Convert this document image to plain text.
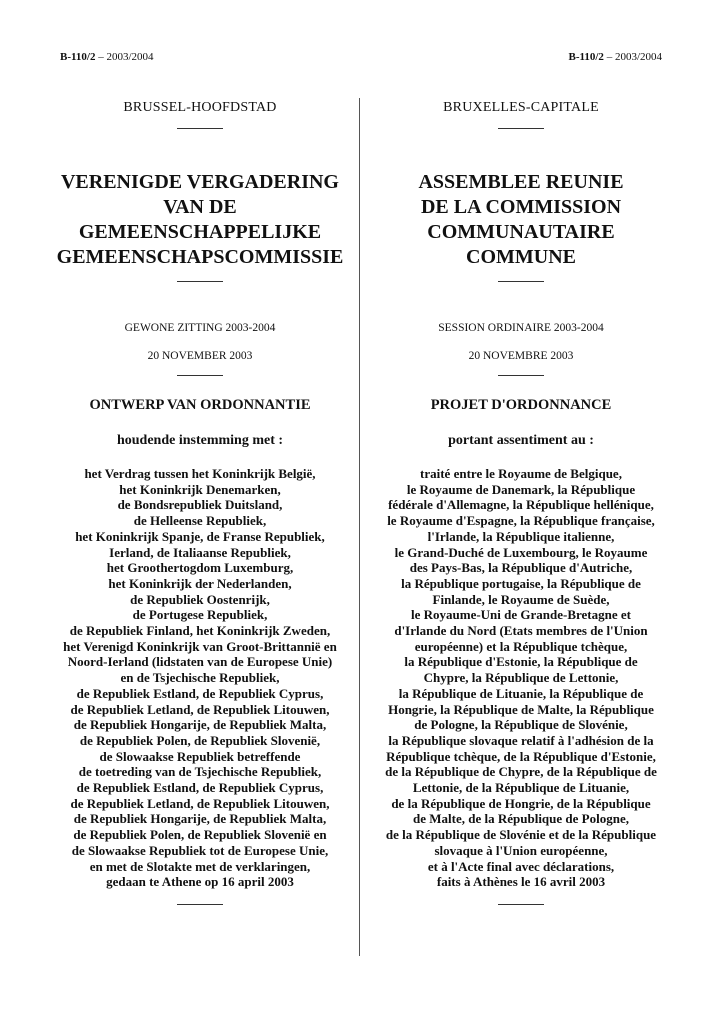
B-110/2 – 2003/2004	B-110/2 – 2003/2004
BRUSSEL-HOOFDSTAD
VERENIGDE VERGADERING
VAN DE
GEMEENSCHAPPELIJKE
GEMEENSCHAPSCOMMISSIE
GEWONE ZITTING 2003-2004
20 NOVEMBER 2003
ONTWERP VAN ORDONNANTIE
houdende instemming met :
het Verdrag tussen het Koninkrijk België,
het Koninkrijk Denemarken,
de Bondsrepubliek Duitsland,
de Helleense Republiek,
het Koninkrijk Spanje, de Franse Republiek,
Ierland, de Italiaanse Republiek,
het Groothertogdom Luxemburg,
het Koninkrijk der Nederlanden,
de Republiek Oostenrijk,
de Portugese Republiek,
de Republiek Finland, het Koninkrijk Zweden,
het Verenigd Koninkrijk van Groot-Brittannië en
Noord-Ierland (lidstaten van de Europese Unie)
en de Tsjechische Republiek,
de Republiek Estland, de Republiek Cyprus,
de Republiek Letland, de Republiek Litouwen,
de Republiek Hongarije, de Republiek Malta,
de Republiek Polen, de Republiek Slovenië,
de Slowaakse Republiek betreffende
de toetreding van de Tsjechische Republiek,
de Republiek Estland, de Republiek Cyprus,
de Republiek Letland, de Republiek Litouwen,
de Republiek Hongarije, de Republiek Malta,
de Republiek Polen, de Republiek Slovenië en
de Slowaakse Republiek tot de Europese Unie,
en met de Slotakte met de verklaringen,
gedaan te Athene op 16 april 2003
BRUXELLES-CAPITALE
ASSEMBLEE REUNIE
DE LA COMMISSION
COMMUNAUTAIRE
COMMUNE
SESSION ORDINAIRE 2003-2004
20 NOVEMBRE 2003
PROJET D'ORDONNANCE
portant assentiment au :
traité entre le Royaume de Belgique,
le Royaume de Danemark, la République
fédérale d'Allemagne, la République hellénique,
le Royaume d'Espagne, la République française,
l'Irlande, la République italienne,
le Grand-Duché de Luxembourg, le Royaume
des Pays-Bas, la République d'Autriche,
la République portugaise, la République de
Finlande, le Royaume de Suède,
le Royaume-Uni de Grande-Bretagne et
d'Irlande du Nord (Etats membres de l'Union
européenne) et la République tchèque,
la République d'Estonie, la République de
Chypre, la République de Lettonie,
la République de Lituanie, la République de
Hongrie, la République de Malte, la République
de Pologne, la République de Slovénie,
la République slovaque relatif à l'adhésion de la
République tchèque, de la République d'Estonie,
de la République de Chypre, de la République de
Lettonie, de la République de Lituanie,
de la République de Hongrie, de la République
de Malte, de la République de Pologne,
de la République de Slovénie et de la République
slovaque à l'Union européenne,
et à l'Acte final avec déclarations,
faits à Athènes le 16 avril 2003
